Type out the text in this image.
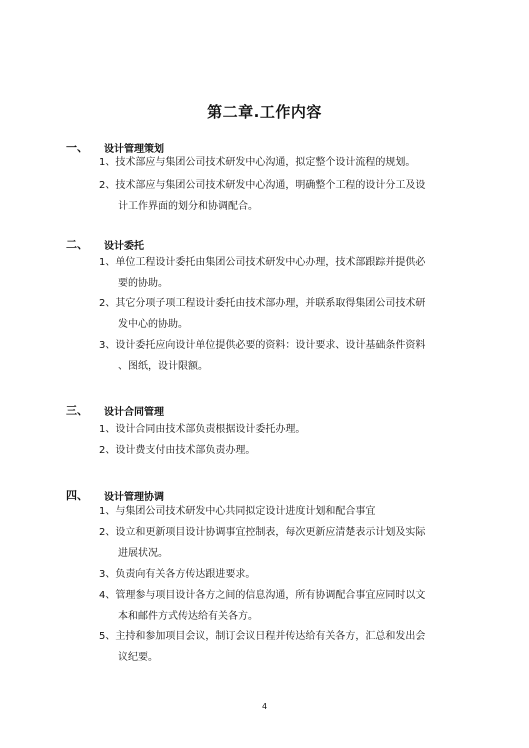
第二章.工作内容
一、 设计管理策划
1、技术部应与集团公司技术研发中心沟通，拟定整个设计流程的规划。
2、技术部应与集团公司技术研发中心沟通，明确整个工程的设计分工及设
计工作界面的划分和协调配合。
二、 设计委托
1、单位工程设计委托由集团公司技术研发中心办理，技术部跟踪并提供必
要的协助。
2、其它分项子项工程设计委托由技术部办理，并联系取得集团公司技术研
发中心的协助。
3、设计委托应向设计单位提供必要的资料：设计要求、设计基础条件资料
、图纸，设计限额。
三、 设计合同管理
1、设计合同由技术部负责根据设计委托办理。
2、设计费支付由技术部负责办理。
四、 设计管理协调
1、与集团公司技术研发中心共同拟定设计进度计划和配合事宜
2、设立和更新项目设计协调事宜控制表，每次更新应清楚表示计划及实际
进展状况。
3、负责向有关各方传达跟进要求。
4、管理参与项目设计各方之间的信息沟通，所有协调配合事宜应同时以文
本和邮件方式传达给有关各方。
5、主持和参加项目会议，制订会议日程并传达给有关各方，汇总和发出会
议纪要。
4
